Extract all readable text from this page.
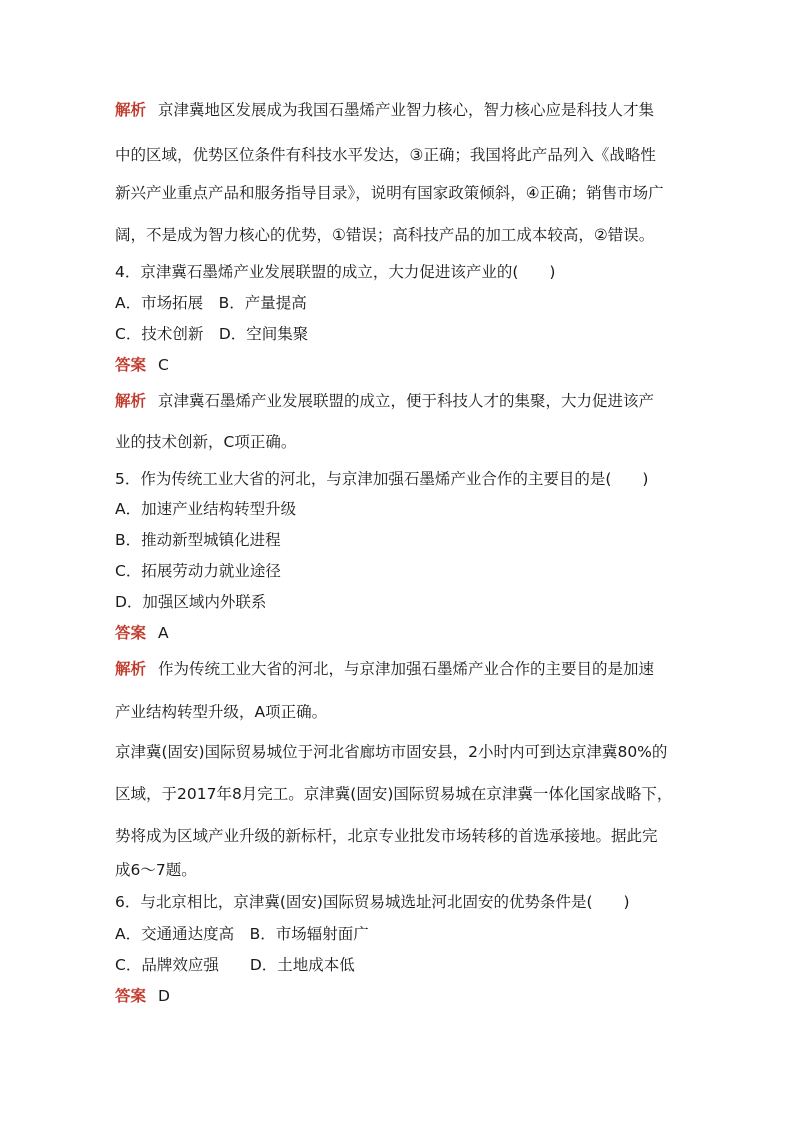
解析 京津冀地区发展成为我国石墨烯产业智力核心，智力核心应是科技人才集
中的区域，优势区位条件有科技水平发达，③正确；我国将此产品列入《战略性
新兴产业重点产品和服务指导目录》，说明有国家政策倾斜，④正确；销售市场广
阔，不是成为智力核心的优势，①错误；高科技产品的加工成本较高，②错误。
4．京津冀石墨烯产业发展联盟的成立，大力促进该产业的(　　)
A．市场拓展　B．产量提高
C．技术创新　D．空间集聚
答案 C
解析 京津冀石墨烯产业发展联盟的成立，便于科技人才的集聚，大力促进该产
业的技术创新，C项正确。
5．作为传统工业大省的河北，与京津加强石墨烯产业合作的主要目的是(　　)
A．加速产业结构转型升级
B．推动新型城镇化进程
C．拓展劳动力就业途径
D．加强区域内外联系
答案 A
解析 作为传统工业大省的河北，与京津加强石墨烯产业合作的主要目的是加速
产业结构转型升级，A项正确。
京津冀(固安)国际贸易城位于河北省廊坊市固安县，2小时内可到达京津冀80%的
区域，于2017年8月完工。京津冀(固安)国际贸易城在京津冀一体化国家战略下，
势将成为区域产业升级的新标杆，北京专业批发市场转移的首选承接地。据此完
成6～7题。
6．与北京相比，京津冀(固安)国际贸易城选址河北固安的优势条件是(　　)
A．交通通达度高　B．市场辐射面广
C．品牌效应强　　D．土地成本低
答案 D
